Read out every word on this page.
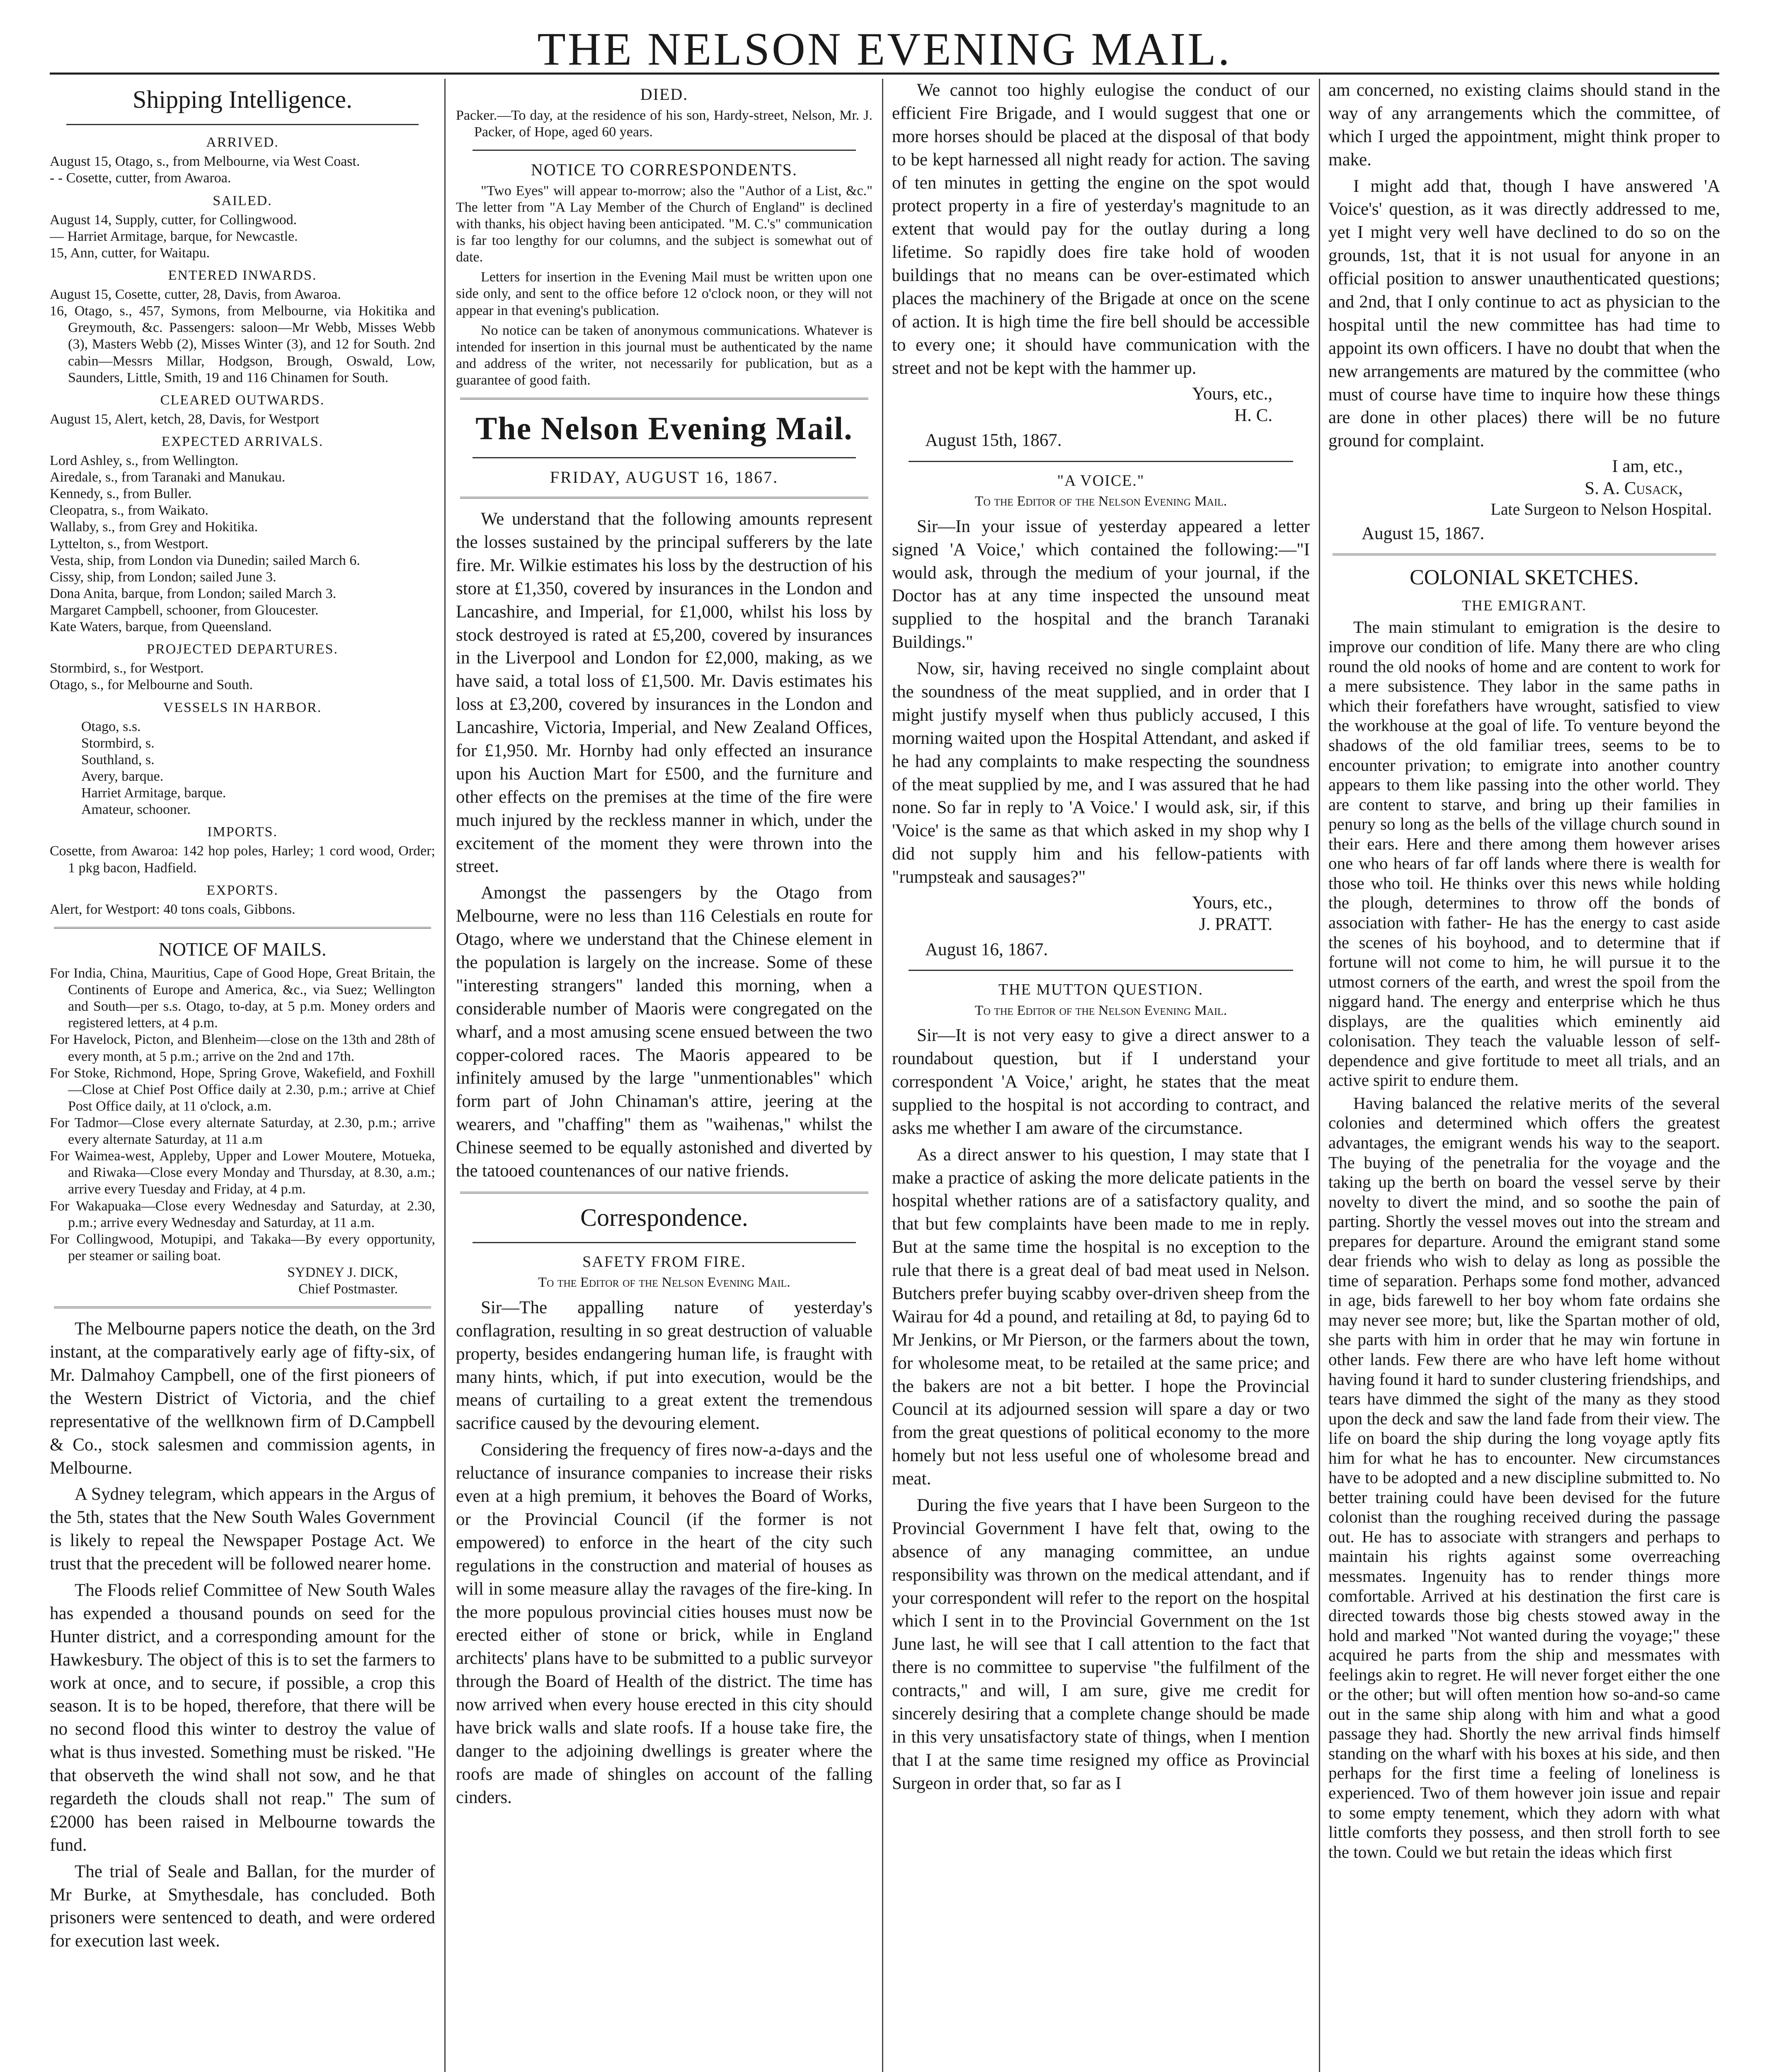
THE NELSON EVENING MAIL.
Shipping Intelligence.
ARRIVED.

August 15, Otago, s., from Melbourne, via West Coast.

- - Cosette, cutter, from Awaroa.

SAILED.

August 14, Supply, cutter, for Collingwood.

— Harriet Armitage, barque, for Newcastle.

15, Ann, cutter, for Waitapu.

ENTERED INWARDS.

August 15, Cosette, cutter, 28, Davis, from Awaroa.

16, Otago, s., 457, Symons, from Melbourne, via Hokitika and Greymouth, &c. Passengers: saloon—Mr Webb, Misses Webb (3), Masters Webb (2), Misses Winter (3), and 12 for South. 2nd cabin—Messrs Millar, Hodgson, Brough, Oswald, Low, Saunders, Little, Smith, 19 and 116 Chinamen for South.

CLEARED OUTWARDS.

August 15, Alert, ketch, 28, Davis, for Westport

EXPECTED ARRIVALS.

Lord Ashley, s., from Wellington.

Airedale, s., from Taranaki and Manukau.

Kennedy, s., from Buller.

Cleopatra, s., from Waikato.

Wallaby, s., from Grey and Hokitika.

Lyttelton, s., from Westport.

Vesta, ship, from London via Dunedin; sailed March 6.

Cissy, ship, from London; sailed June 3.

Dona Anita, barque, from London; sailed March 3.

Margaret Campbell, schooner, from Gloucester.

Kate Waters, barque, from Queensland.

PROJECTED DEPARTURES.

Stormbird, s., for Westport.

Otago, s., for Melbourne and South.

VESSELS IN HARBOR.

Otago, s.s.

Stormbird, s.

Southland, s.

Avery, barque.

Harriet Armitage, barque.

Amateur, schooner.

IMPORTS.

Cosette, from Awaroa: 142 hop poles, Harley; 1 cord wood, Order; 1 pkg bacon, Hadfield.

EXPORTS.

Alert, for Westport: 40 tons coals, Gibbons.

NOTICE OF MAILS.

For India, China, Mauritius, Cape of Good Hope, Great Britain, the Continents of Europe and America, &c., via Suez; Wellington and South—per s.s. Otago, to-day, at 5 p.m. Money orders and registered letters, at 4 p.m.

For Havelock, Picton, and Blenheim—close on the 13th and 28th of every month, at 5 p.m.; arrive on the 2nd and 17th.

For Stoke, Richmond, Hope, Spring Grove, Wakefield, and Foxhill—Close at Chief Post Office daily at 2.30, p.m.; arrive at Chief Post Office daily, at 11 o'clock, a.m.

For Tadmor—Close every alternate Saturday, at 2.30, p.m.; arrive every alternate Saturday, at 11 a.m

For Waimea-west, Appleby, Upper and Lower Moutere, Motueka, and Riwaka—Close every Monday and Thursday, at 8.30, a.m.; arrive every Tuesday and Friday, at 4 p.m.

For Wakapuaka—Close every Wednesday and Saturday, at 2.30, p.m.; arrive every Wednesday and Saturday, at 11 a.m.

For Collingwood, Motupipi, and Takaka—By every opportunity, per steamer or sailing boat.

SYDNEY J. DICK,

Chief Postmaster.

The Melbourne papers notice the death, on the 3rd instant, at the comparatively early age of fifty-six, of Mr. Dalmahoy Campbell, one of the first pioneers of the Western District of Victoria, and the chief representative of the wellknown firm of D.Campbell & Co., stock salesmen and commission agents, in Melbourne.

A Sydney telegram, which appears in the Argus of the 5th, states that the New South Wales Government is likely to repeal the Newspaper Postage Act. We trust that the precedent will be followed nearer home.

The Floods relief Committee of New South Wales has expended a thousand pounds on seed for the Hunter district, and a corresponding amount for the Hawkesbury. The object of this is to set the farmers to work at once, and to secure, if possible, a crop this season. It is to be hoped, therefore, that there will be no second flood this winter to destroy the value of what is thus invested. Something must be risked. "He that observeth the wind shall not sow, and he that regardeth the clouds shall not reap." The sum of £2000 has been raised in Melbourne towards the fund.

The trial of Seale and Ballan, for the murder of Mr Burke, at Smythesdale, has concluded. Both prisoners were sentenced to death, and were ordered for execution last week.

DIED.

Packer.—To day, at the residence of his son, Hardy-street, Nelson, Mr. J. Packer, of Hope, aged 60 years.

NOTICE TO CORRESPONDENTS.

"Two Eyes" will appear to-morrow; also the "Author of a List, &c." The letter from "A Lay Member of the Church of England" is declined with thanks, his object having been anticipated. "M. C.'s" communication is far too lengthy for our columns, and the subject is somewhat out of date.

Letters for insertion in the Evening Mail must be written upon one side only, and sent to the office before 12 o'clock noon, or they will not appear in that evening's publication.

No notice can be taken of anonymous communications. Whatever is intended for insertion in this journal must be authenticated by the name and address of the writer, not necessarily for publication, but as a guarantee of good faith.

The Nelson Evening Mail.
FRIDAY, AUGUST 16, 1867.

We understand that the following amounts represent the losses sustained by the principal sufferers by the late fire. Mr. Wilkie estimates his loss by the destruction of his store at £1,350, covered by insurances in the London and Lancashire, and Imperial, for £1,000, whilst his loss by stock destroyed is rated at £5,200, covered by insurances in the Liverpool and London for £2,000, making, as we have said, a total loss of £1,500. Mr. Davis estimates his loss at £3,200, covered by insurances in the London and Lancashire, Victoria, Imperial, and New Zealand Offices, for £1,950. Mr. Hornby had only effected an insurance upon his Auction Mart for £500, and the furniture and other effects on the premises at the time of the fire were much injured by the reckless manner in which, under the excitement of the moment they were thrown into the street.

Amongst the passengers by the Otago from Melbourne, were no less than 116 Celestials en route for Otago, where we understand that the Chinese element in the population is largely on the increase. Some of these "interesting strangers" landed this morning, when a considerable number of Maoris were congregated on the wharf, and a most amusing scene ensued between the two copper-colored races. The Maoris appeared to be infinitely amused by the large "unmentionables" which form part of John Chinaman's attire, jeering at the wearers, and "chaffing" them as "waihenas," whilst the Chinese seemed to be equally astonished and diverted by the tatooed countenances of our native friends.

Correspondence.
SAFETY FROM FIRE.

To the Editor of the Nelson Evening Mail.

Sir—The appalling nature of yesterday's conflagration, resulting in so great destruction of valuable property, besides endangering human life, is fraught with many hints, which, if put into execution, would be the means of curtailing to a great extent the tremendous sacrifice caused by the devouring element.

Considering the frequency of fires now-a-days and the reluctance of insurance companies to increase their risks even at a high premium, it behoves the Board of Works, or the Provincial Council (if the former is not empowered) to enforce in the heart of the city such regulations in the construction and material of houses as will in some measure allay the ravages of the fire-king. In the more populous provincial cities houses must now be erected either of stone or brick, while in England architects' plans have to be submitted to a public surveyor through the Board of Health of the district. The time has now arrived when every house erected in this city should have brick walls and slate roofs. If a house take fire, the danger to the adjoining dwellings is greater where the roofs are made of shingles on account of the falling cinders.

We cannot too highly eulogise the conduct of our efficient Fire Brigade, and I would suggest that one or more horses should be placed at the disposal of that body to be kept harnessed all night ready for action. The saving of ten minutes in getting the engine on the spot would protect property in a fire of yesterday's magnitude to an extent that would pay for the outlay during a long lifetime. So rapidly does fire take hold of wooden buildings that no means can be over-estimated which places the machinery of the Brigade at once on the scene of action. It is high time the fire bell should be accessible to every one; it should have communication with the street and not be kept with the hammer up.

Yours, etc.,

H. C.

August 15th, 1867.

"A VOICE."

To the Editor of the Nelson Evening Mail.

Sir—In your issue of yesterday appeared a letter signed 'A Voice,' which contained the following:—"I would ask, through the medium of your journal, if the Doctor has at any time inspected the unsound meat supplied to the hospital and the branch Taranaki Buildings."

Now, sir, having received no single complaint about the soundness of the meat supplied, and in order that I might justify myself when thus publicly accused, I this morning waited upon the Hospital Attendant, and asked if he had any complaints to make respecting the soundness of the meat supplied by me, and I was assured that he had none. So far in reply to 'A Voice.' I would ask, sir, if this 'Voice' is the same as that which asked in my shop why I did not supply him and his fellow-patients with "rumpsteak and sausages?"

Yours, etc.,

J. PRATT.

August 16, 1867.

THE MUTTON QUESTION.

To the Editor of the Nelson Evening Mail.

Sir—It is not very easy to give a direct answer to a roundabout question, but if I understand your correspondent 'A Voice,' aright, he states that the meat supplied to the hospital is not according to contract, and asks me whether I am aware of the circumstance.

As a direct answer to his question, I may state that I make a practice of asking the more delicate patients in the hospital whether rations are of a satisfactory quality, and that but few complaints have been made to me in reply. But at the same time the hospital is no exception to the rule that there is a great deal of bad meat used in Nelson. Butchers prefer buying scabby over-driven sheep from the Wairau for 4d a pound, and retailing at 8d, to paying 6d to Mr Jenkins, or Mr Pierson, or the farmers about the town, for wholesome meat, to be retailed at the same price; and the bakers are not a bit better. I hope the Provincial Council at its adjourned session will spare a day or two from the great questions of political economy to the more homely but not less useful one of wholesome bread and meat.

During the five years that I have been Surgeon to the Provincial Government I have felt that, owing to the absence of any managing committee, an undue responsibility was thrown on the medical attendant, and if your correspondent will refer to the report on the hospital which I sent in to the Provincial Government on the 1st June last, he will see that I call attention to the fact that there is no committee to supervise "the fulfilment of the contracts," and will, I am sure, give me credit for sincerely desiring that a complete change should be made in this very unsatisfactory state of things, when I mention that I at the same time resigned my office as Provincial Surgeon in order that, so far as I

am concerned, no existing claims should stand in the way of any arrangements which the committee, of which I urged the appointment, might think proper to make.

I might add that, though I have answered 'A Voice's' question, as it was directly addressed to me, yet I might very well have declined to do so on the grounds, 1st, that it is not usual for anyone in an official position to answer unauthenticated questions; and 2nd, that I only continue to act as physician to the hospital until the new committee has had time to appoint its own officers. I have no doubt that when the new arrangements are matured by the committee (who must of course have time to inquire how these things are done in other places) there will be no future ground for complaint.

I am, etc.,

S. A. Cusack,

Late Surgeon to Nelson Hospital.

August 15, 1867.

COLONIAL SKETCHES.
THE EMIGRANT.

The main stimulant to emigration is the desire to improve our condition of life. Many there are who cling round the old nooks of home and are content to work for a mere subsistence. They labor in the same paths in which their forefathers have wrought, satisfied to view the workhouse at the goal of life. To venture beyond the shadows of the old familiar trees, seems to be to encounter privation; to emigrate into another country appears to them like passing into the other world. They are content to starve, and bring up their families in penury so long as the bells of the village church sound in their ears. Here and there among them however arises one who hears of far off lands where there is wealth for those who toil. He thinks over this news while holding the plough, determines to throw off the bonds of association with father- He has the energy to cast aside the scenes of his boyhood, and to determine that if fortune will not come to him, he will pursue it to the utmost corners of the earth, and wrest the spoil from the niggard hand. The energy and enterprise which he thus displays, are the qualities which eminently aid colonisation. They teach the valuable lesson of self-dependence and give fortitude to meet all trials, and an active spirit to endure them.

Having balanced the relative merits of the several colonies and determined which offers the greatest advantages, the emigrant wends his way to the seaport. The buying of the penetralia for the voyage and the taking up the berth on board the vessel serve by their novelty to divert the mind, and so soothe the pain of parting. Shortly the vessel moves out into the stream and prepares for departure. Around the emigrant stand some dear friends who wish to delay as long as possible the time of separation. Perhaps some fond mother, advanced in age, bids farewell to her boy whom fate ordains she may never see more; but, like the Spartan mother of old, she parts with him in order that he may win fortune in other lands. Few there are who have left home without having found it hard to sunder clustering friendships, and tears have dimmed the sight of the many as they stood upon the deck and saw the land fade from their view. The life on board the ship during the long voyage aptly fits him for what he has to encounter. New circumstances have to be adopted and a new discipline submitted to. No better training could have been devised for the future colonist than the roughing received during the passage out. He has to associate with strangers and perhaps to maintain his rights against some overreaching messmates. Ingenuity has to render things more comfortable. Arrived at his destination the first care is directed towards those big chests stowed away in the hold and marked "Not wanted during the voyage;" these acquired he parts from the ship and messmates with feelings akin to regret. He will never forget either the one or the other; but will often mention how so-and-so came out in the same ship along with him and what a good passage they had. Shortly the new arrival finds himself standing on the wharf with his boxes at his side, and then perhaps for the first time a feeling of loneliness is experienced. Two of them however join issue and repair to some empty tenement, which they adorn with what little comforts they possess, and then stroll forth to see the town. Could we but retain the ideas which first
